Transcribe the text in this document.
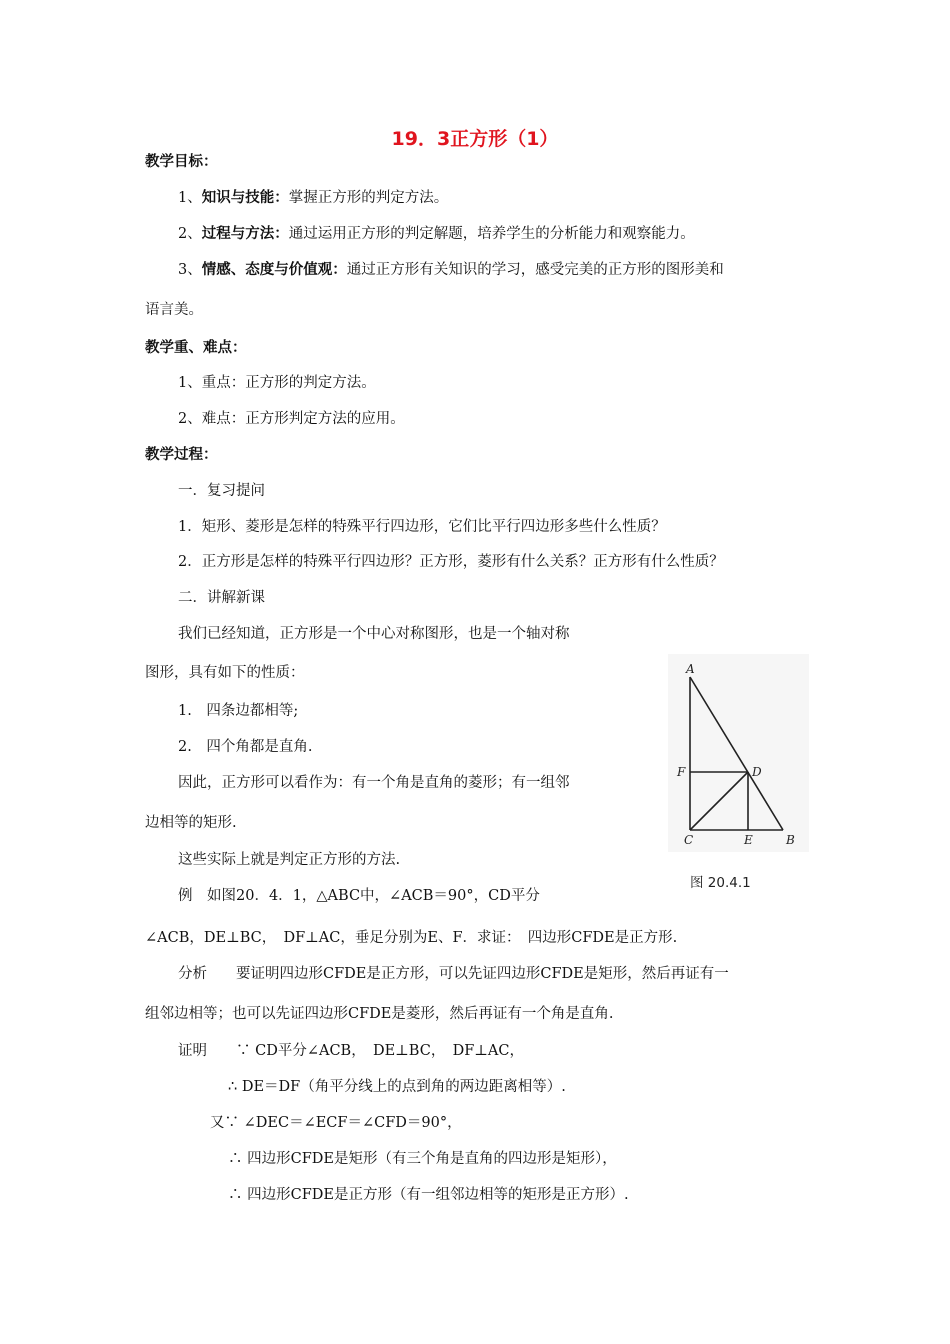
19．3正方形（1）
教学目标：
1、知识与技能：掌握正方形的判定方法。
2、过程与方法：通过运用正方形的判定解题，培养学生的分析能力和观察能力。
3、情感、态度与价值观：通过正方形有关知识的学习，感受完美的正方形的图形美和
语言美。
教学重、难点：
1、重点：正方形的判定方法。
2、难点：正方形判定方法的应用。
教学过程：
一．复习提问
1．矩形、菱形是怎样的特殊平行四边形，它们比平行四边形多些什么性质？
2．正方形是怎样的特殊平行四边形？正方形，菱形有什么关系？正方形有什么性质？
二．讲解新课
我们已经知道，正方形是一个中心对称图形，也是一个轴对称
图形，具有如下的性质：
1.　四条边都相等;
2.　四个角都是直角.
因此，正方形可以看作为：有一个角是直角的菱形；有一组邻
边相等的矩形.
这些实际上就是判定正方形的方法.
例　如图20．4．1，△ABC中，∠ACB＝90°，CD平分
∠ACB，DE⊥BC，　DF⊥AC，垂足分别为E、F．求证：　四边形CFDE是正方形.
分析　　要证明四边形CFDE是正方形，可以先证四边形CFDE是矩形，然后再证有一
组邻边相等；也可以先证四边形CFDE是菱形，然后再证有一个角是直角.
证明　　∵ CD平分∠ACB，　DE⊥BC，　DF⊥AC，
∴ DE＝DF（角平分线上的点到角的两边距离相等）.
又∵ ∠DEC＝∠ECF＝∠CFD＝90°，
∴ 四边形CFDE是矩形（有三个角是直角的四边形是矩形），
∴ 四边形CFDE是正方形（有一组邻边相等的矩形是正方形）.
A
B
C
D
E
F
图 20.4.1
